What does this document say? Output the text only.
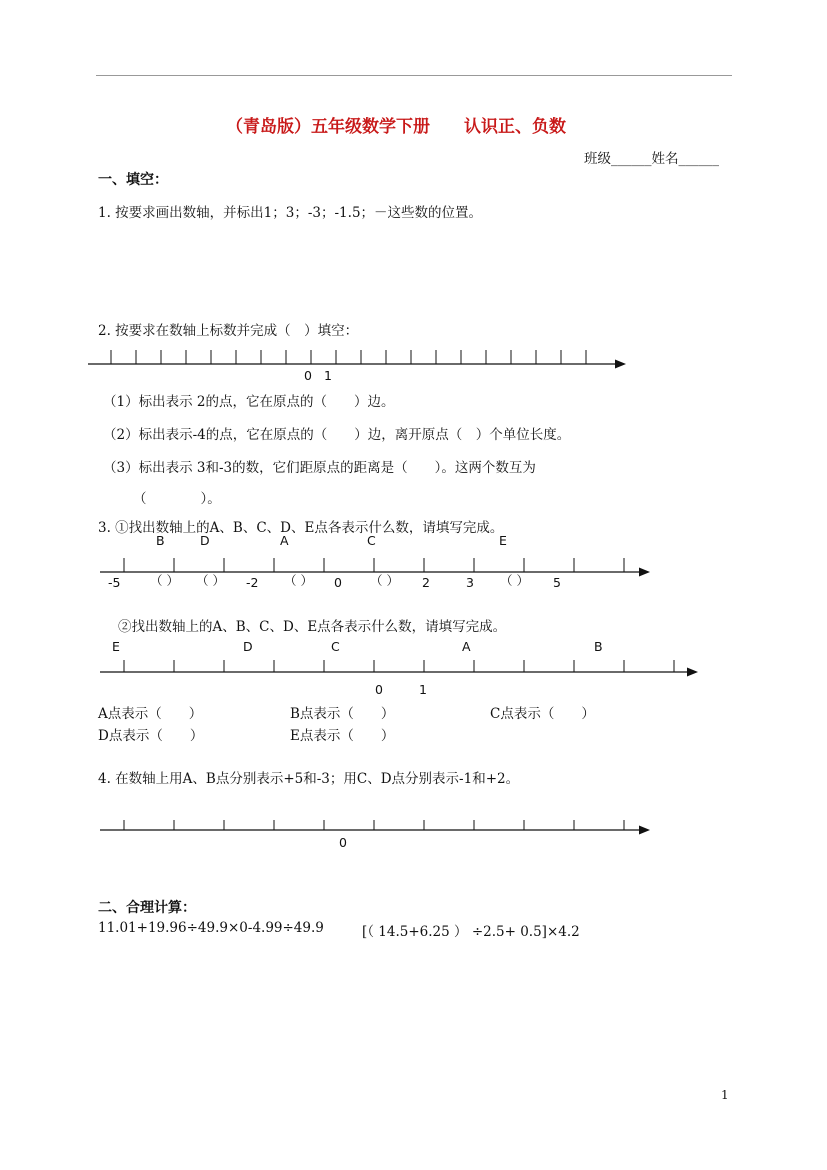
（青岛版）五年级数学下册　　认识正、负数
班级______姓名______
一、填空：
1. 按要求画出数轴，并标出1；3；-3；-1.5；－这些数的位置。
2. 按要求在数轴上标数并完成（　）填空：
0 1
（1）标出表示 2的点，它在原点的（　　）边。
（2）标出表示-4的点，它在原点的（　　）边，离开原点（　）个单位长度。
（3）标出表示 3和-3的数，它们距原点的距离是（　　）。这两个数互为
（　　　　）。
3. ①找出数轴上的A、B、C、D、E点各表示什么数，请填写完成。
B	D	A	C	E
-5 （ ） （ ） -2 （ ） 0 （ ） 2	3 （ ） 5
②找出数轴上的A、B、C、D、E点各表示什么数，请填写完成。
E	D	C	A	B
0	1
A点表示（　　）	B点表示（　　）	C点表示（　　）
D点表示（　　）	E点表示（　　）
4. 在数轴上用A、B点分别表示+5和-3；用C、D点分别表示-1和+2。
0
二、合理计算：
11.01+19.96÷49.9×0-4.99÷49.9	[（ 14.5+6.25 ） ÷2.5+ 0.5]×4.2
1
